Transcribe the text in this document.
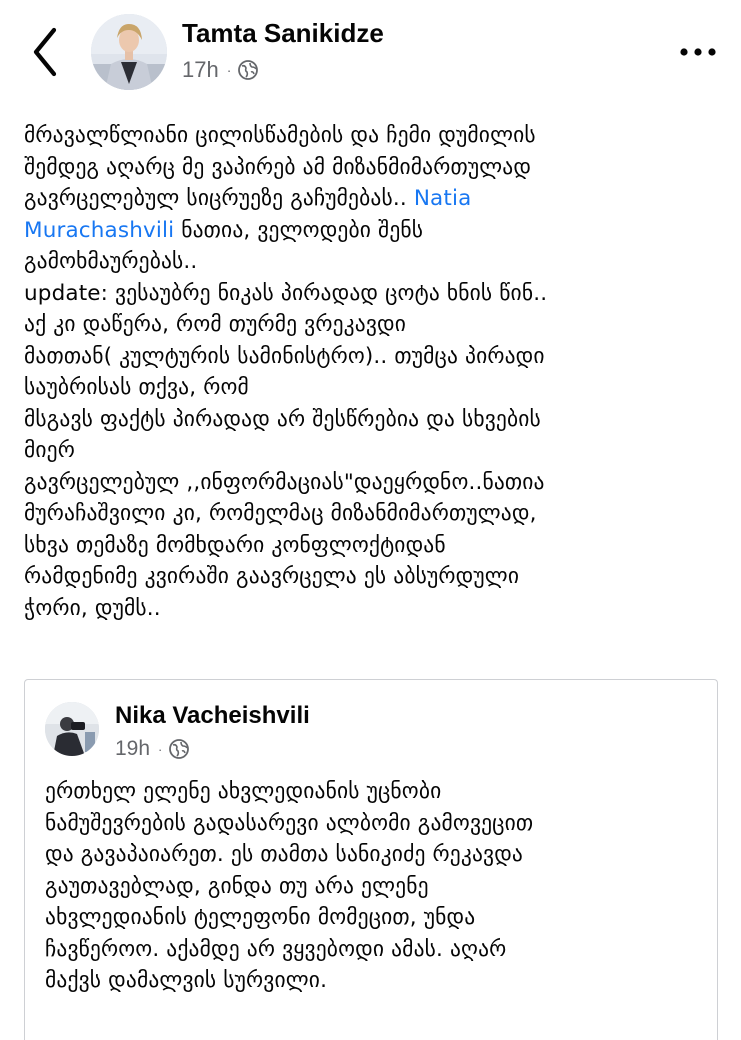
Tamta Sanikidze
17h ·
მრავალწლიანი ცილისწამების და ჩემი დუმილის
შემდეგ აღარც მე ვაპირებ ამ მიზანმიმართულად
გავრცელებულ სიცრუეზე გაჩუმებას.. Natia
Murachashvili ნათია, ველოდები შენს
გამოხმაურებას..
update: ვესაუბრე ნიკას პირადად ცოტა ხნის წინ..
აქ კი დაწერა, რომ თურმე ვრეკავდი
მათთან( კულტურის სამინისტრო).. თუმცა პირადი
საუბრისას თქვა, რომ
მსგავს ფაქტს პირადად არ შესწრებია და სხვების
მიერ
გავრცელებულ ,,ინფორმაციას"დაეყრდნო..ნათია
მურაჩაშვილი კი, რომელმაც მიზანმიმართულად,
სხვა თემაზე მომხდარი კონფლოქტიდან
რამდენიმე კვირაში გაავრცელა ეს აბსურდული
ჭორი, დუმს..
Nika Vacheishvili
19h ·
ერთხელ ელენე ახვლედიანის უცნობი
ნამუშევრების გადასარევი ალბომი გამოვეცით
და გავაპაიარეთ. ეს თამთა სანიკიძე რეკავდა
გაუთავებლად, გინდა თუ არა ელენე
ახვლედიანის ტელეფონი მომეცით, უნდა
ჩავწეროო. აქამდე არ ვყვებოდი ამას. აღარ
მაქვს დამალვის სურვილი.
